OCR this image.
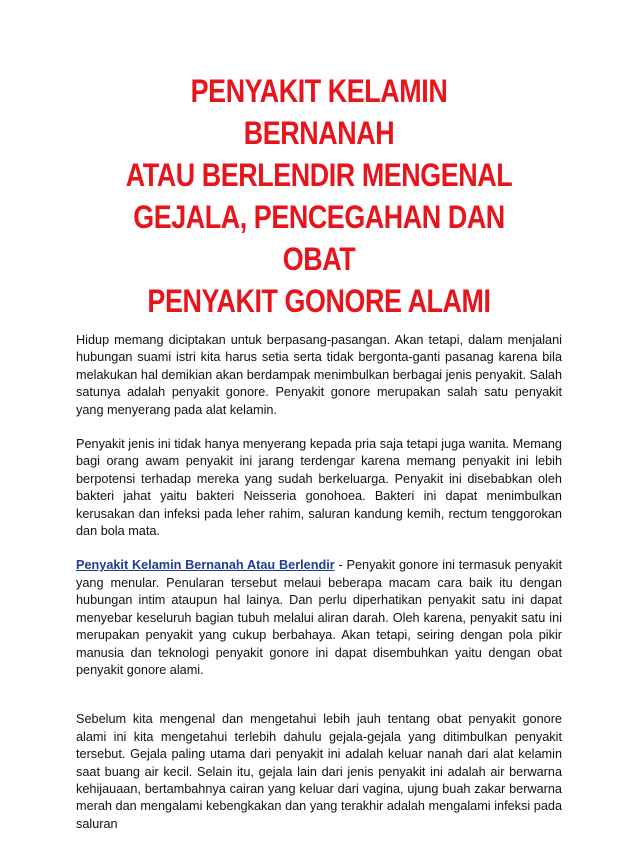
PENYAKIT KELAMIN BERNANAH
ATAU BERLENDIR MENGENAL
GEJALA, PENCEGAHAN DAN OBAT
PENYAKIT GONORE ALAMI

Hidup memang diciptakan untuk berpasang-pasangan. Akan tetapi, dalam menjalani hubungan suami istri kita harus setia serta tidak bergonta-ganti pasanag karena bila melakukan hal demikian akan berdampak menimbulkan berbagai jenis penyakit. Salah satunya adalah penyakit gonore. Penyakit gonore merupakan salah satu penyakit yang menyerang pada alat kelamin.

Penyakit jenis ini tidak hanya menyerang kepada pria saja tetapi juga wanita. Memang bagi orang awam penyakit ini jarang terdengar karena memang penyakit ini lebih berpotensi terhadap mereka yang sudah berkeluarga. Penyakit ini disebabkan oleh bakteri jahat yaitu bakteri Neisseria gonohoea. Bakteri ini dapat menimbulkan kerusakan dan infeksi pada leher rahim, saluran kandung kemih, rectum tenggorokan dan bola mata.

Penyakit Kelamin Bernanah Atau Berlendir - Penyakit gonore ini termasuk penyakit yang menular. Penularan tersebut melaui beberapa macam cara baik itu dengan hubungan intim ataupun hal lainya. Dan perlu diperhatikan penyakit satu ini dapat menyebar keseluruh bagian tubuh melalui aliran darah. Oleh karena, penyakit satu ini merupakan penyakit yang cukup berbahaya. Akan tetapi, seiring dengan pola pikir manusia dan teknologi penyakit gonore ini dapat disembuhkan yaitu dengan obat penyakit gonore alami.

Sebelum kita mengenal dan mengetahui lebih jauh tentang obat penyakit gonore alami ini kita mengetahui terlebih dahulu gejala-gejala yang ditimbulkan penyakit tersebut. Gejala paling utama dari penyakit ini adalah keluar nanah dari alat kelamin saat buang air kecil. Selain itu, gejala lain dari jenis penyakit ini adalah air berwarna kehijauaan, bertambahnya cairan yang keluar dari vagina, ujung buah zakar berwarna merah dan mengalami kebengkakan dan yang terakhir adalah mengalami infeksi pada saluran
